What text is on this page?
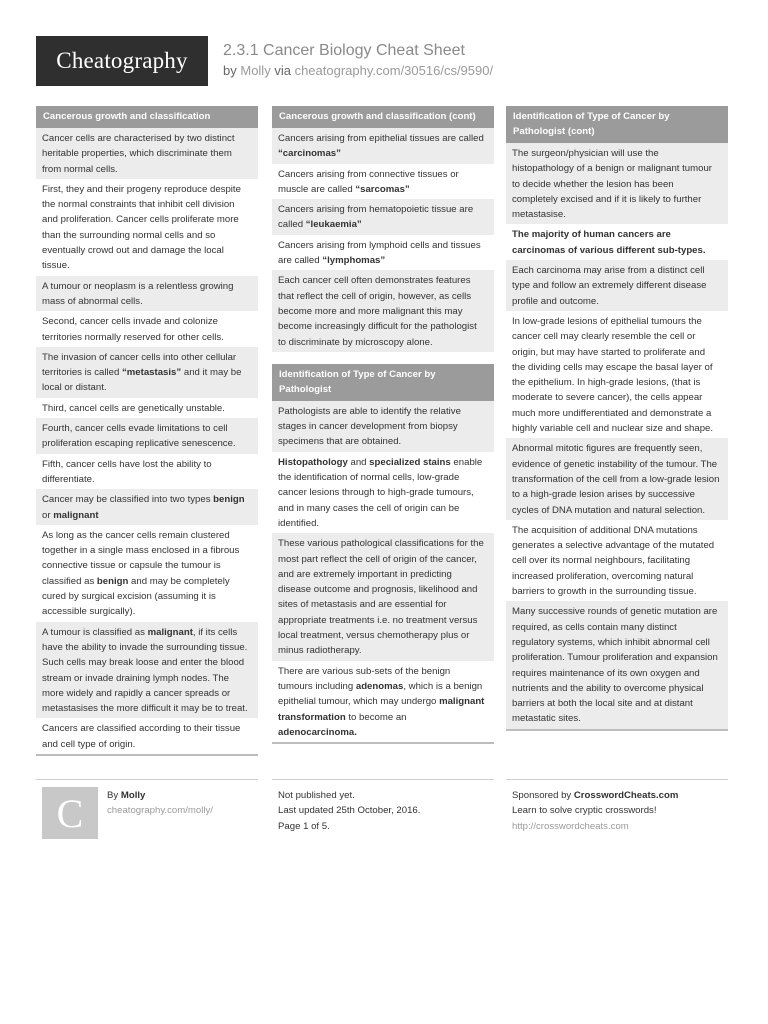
Cheatography	2.3.1 Cancer Biology Cheat Sheet
by Molly via cheatography.com/30516/cs/9590/
Cancerous growth and classification
Cancer cells are characterised by two distinct heritable properties, which discriminate them from normal cells.
First, they and their progeny reproduce despite the normal constraints that inhibit cell division and proliferation. Cancer cells proliferate more than the surrounding normal cells and so eventually crowd out and damage the local tissue.
A tumour or neoplasm is a relentless growing mass of abnormal cells.
Second, cancer cells invade and colonize territories normally reserved for other cells.
The invasion of cancer cells into other cellular territories is called “metastasis” and it may be local or distant.
Third, cancel cells are genetically unstable.
Fourth, cancer cells evade limitations to cell proliferation escaping replicative senescence.
Fifth, cancer cells have lost the ability to differentiate.
Cancer may be classified into two types benign or malignant
As long as the cancer cells remain clustered together in a single mass enclosed in a fibrous connective tissue or capsule the tumour is classified as benign and may be completely cured by surgical excision (assuming it is accessible surgically).
A tumour is classified as malignant, if its cells have the ability to invade the surrounding tissue. Such cells may break loose and enter the blood stream or invade draining lymph nodes. The more widely and rapidly a cancer spreads or metastasises the more difficult it may be to treat.
Cancers are classified according to their tissue and cell type of origin.
Cancerous growth and classification (cont)
Cancers arising from epithelial tissues are called “carcinomas”
Cancers arising from connective tissues or muscle are called “sarcomas”
Cancers arising from hematopoietic tissue are called “leukaemia”
Cancers arising from lymphoid cells and tissues are called “lymphomas”
Each cancer cell often demonstrates features that reflect the cell of origin, however, as cells become more and more malignant this may become increasingly difficult for the pathologist to discriminate by microscopy alone.
Identification of Type of Cancer by Pathologist
Pathologists are able to identify the relative stages in cancer development from biopsy specimens that are obtained.
Histopathology and specialized stains enable the identification of normal cells, low-grade cancer lesions through to high-grade tumours, and in many cases the cell of origin can be identified.
These various pathological classifications for the most part reflect the cell of origin of the cancer, and are extremely important in predicting disease outcome and prognosis, likelihood and sites of metastasis and are essential for appropriate treatments i.e. no treatment versus local treatment, versus chemotherapy plus or minus radiotherapy.
There are various sub-sets of the benign tumours including adenomas, which is a benign epithelial tumour, which may undergo malignant transformation to become an adenocarcinoma.
Identification of Type of Cancer by Pathologist (cont)
The surgeon/physician will use the histopathology of a benign or malignant tumour to decide whether the lesion has been completely excised and if it is likely to further metastasise.
The majority of human cancers are carcinomas of various different sub-types.
Each carcinoma may arise from a distinct cell type and follow an extremely different disease profile and outcome.
In low-grade lesions of epithelial tumours the cancer cell may clearly resemble the cell or origin, but may have started to proliferate and the dividing cells may escape the basal layer of the epithelium. In high-grade lesions, (that is moderate to severe cancer), the cells appear much more undifferentiated and demonstrate a highly variable cell and nuclear size and shape.
Abnormal mitotic figures are frequently seen, evidence of genetic instability of the tumour. The transformation of the cell from a low-grade lesion to a high-grade lesion arises by successive cycles of DNA mutation and natural selection.
The acquisition of additional DNA mutations generates a selective advantage of the mutated cell over its normal neighbours, facilitating increased proliferation, overcoming natural barriers to growth in the surrounding tissue.
Many successive rounds of genetic mutation are required, as cells contain many distinct regulatory systems, which inhibit abnormal cell proliferation. Tumour proliferation and expansion requires maintenance of its own oxygen and nutrients and the ability to overcome physical barriers at both the local site and at distant metastatic sites.
C	By Molly
cheatography.com/molly/
Not published yet.
Last updated 25th October, 2016.
Page 1 of 5.
Sponsored by CrosswordCheats.com
Learn to solve cryptic crosswords!
http://crosswordcheats.com
